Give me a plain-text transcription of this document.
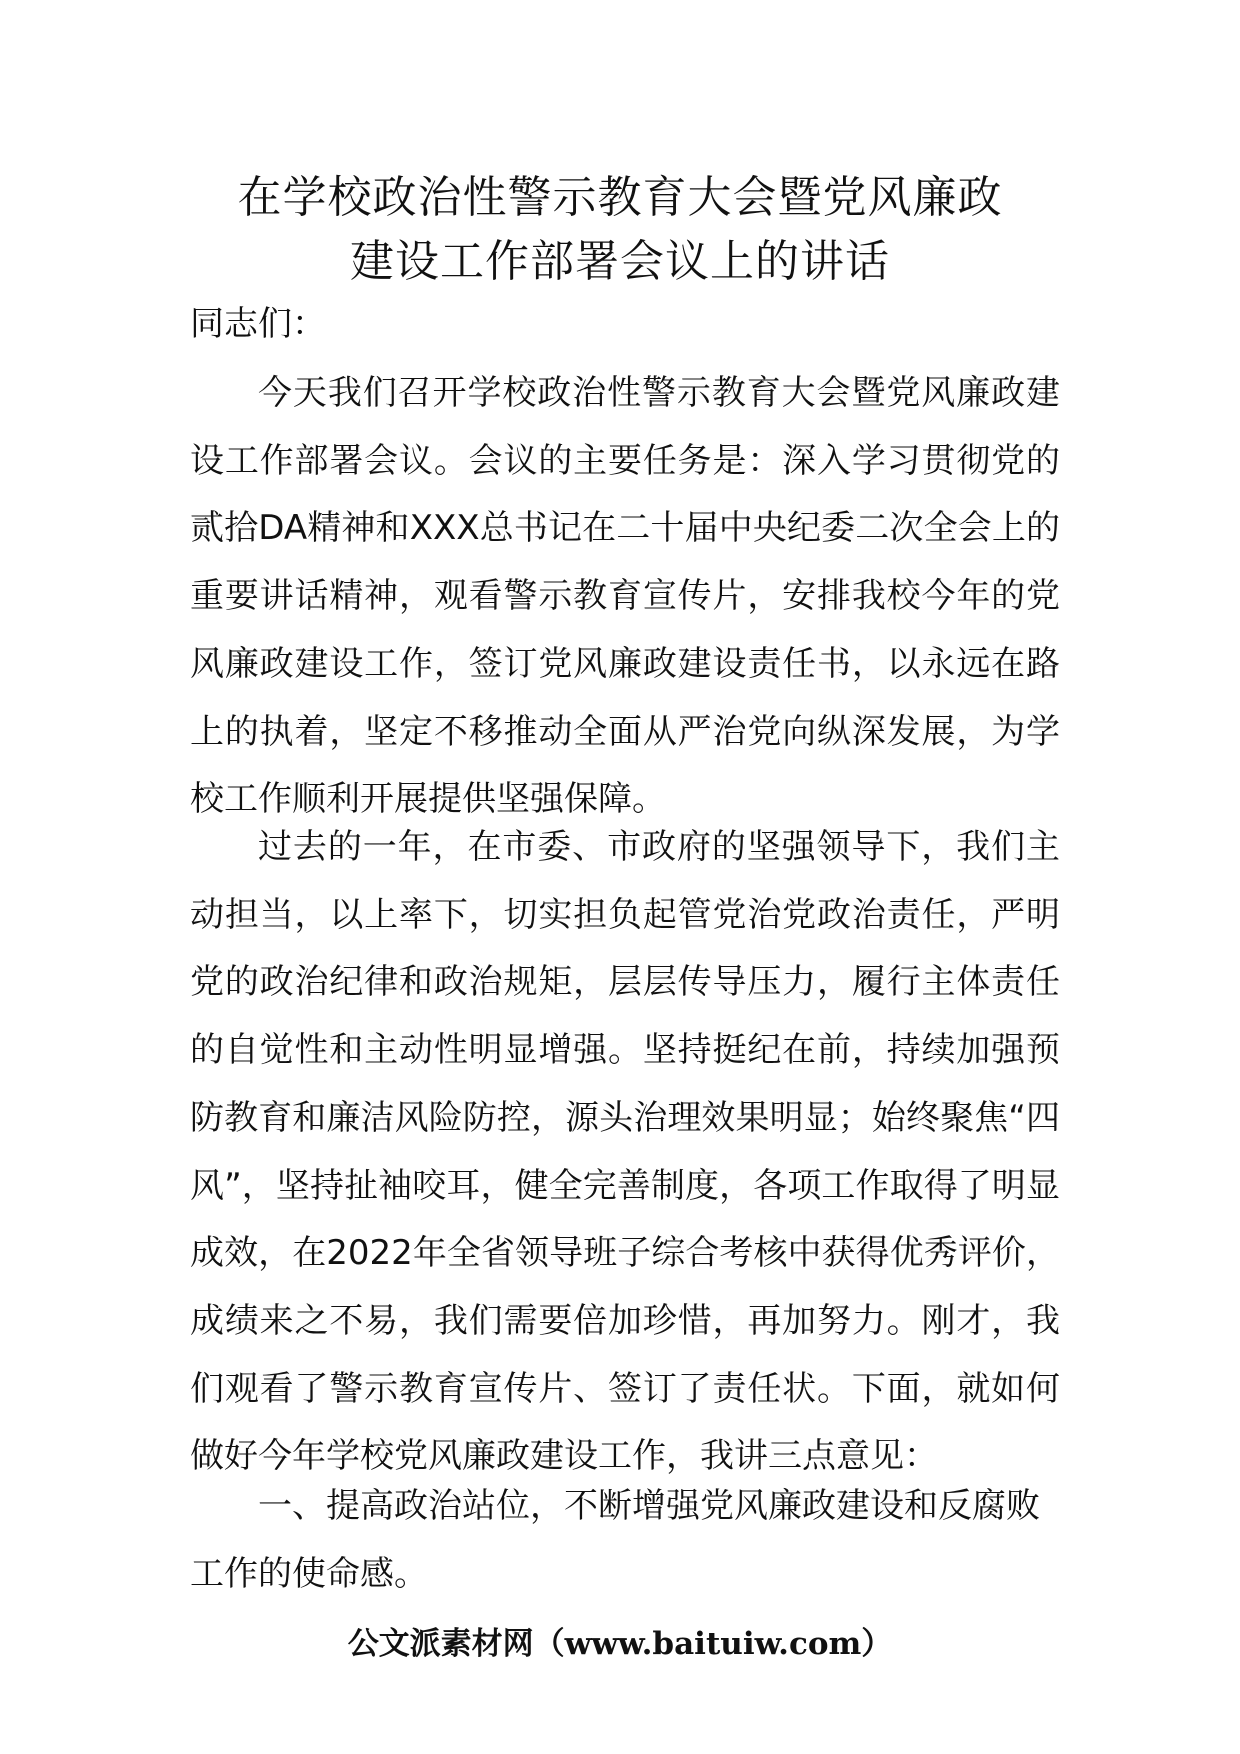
在学校政治性警示教育大会暨党风廉政
建设工作部署会议上的讲话
同志们：

今天我们召开学校政治性警示教育大会暨党风廉政建设工作部署会议。会议的主要任务是：深入学习贯彻党的贰拾DA精神和XXX总书记在二十届中央纪委二次全会上的重要讲话精神，观看警示教育宣传片，安排我校今年的党风廉政建设工作，签订党风廉政建设责任书，以永远在路上的执着，坚定不移推动全面从严治党向纵深发展，为学校工作顺利开展提供坚强保障。

过去的一年，在市委、市政府的坚强领导下，我们主动担当，以上率下，切实担负起管党治党政治责任，严明党的政治纪律和政治规矩，层层传导压力，履行主体责任的自觉性和主动性明显增强。坚持挺纪在前，持续加强预防教育和廉洁风险防控，源头治理效果明显；始终聚焦“四风”，坚持扯袖咬耳，健全完善制度，各项工作取得了明显成效，在2022年全省领导班子综合考核中获得优秀评价，成绩来之不易，我们需要倍加珍惜，再加努力。刚才，我们观看了警示教育宣传片、签订了责任状。下面，就如何做好今年学校党风廉政建设工作，我讲三点意见：

一、提高政治站位，不断增强党风廉政建设和反腐败工作的使命感。

公文派素材网（www.baituiw.com）
